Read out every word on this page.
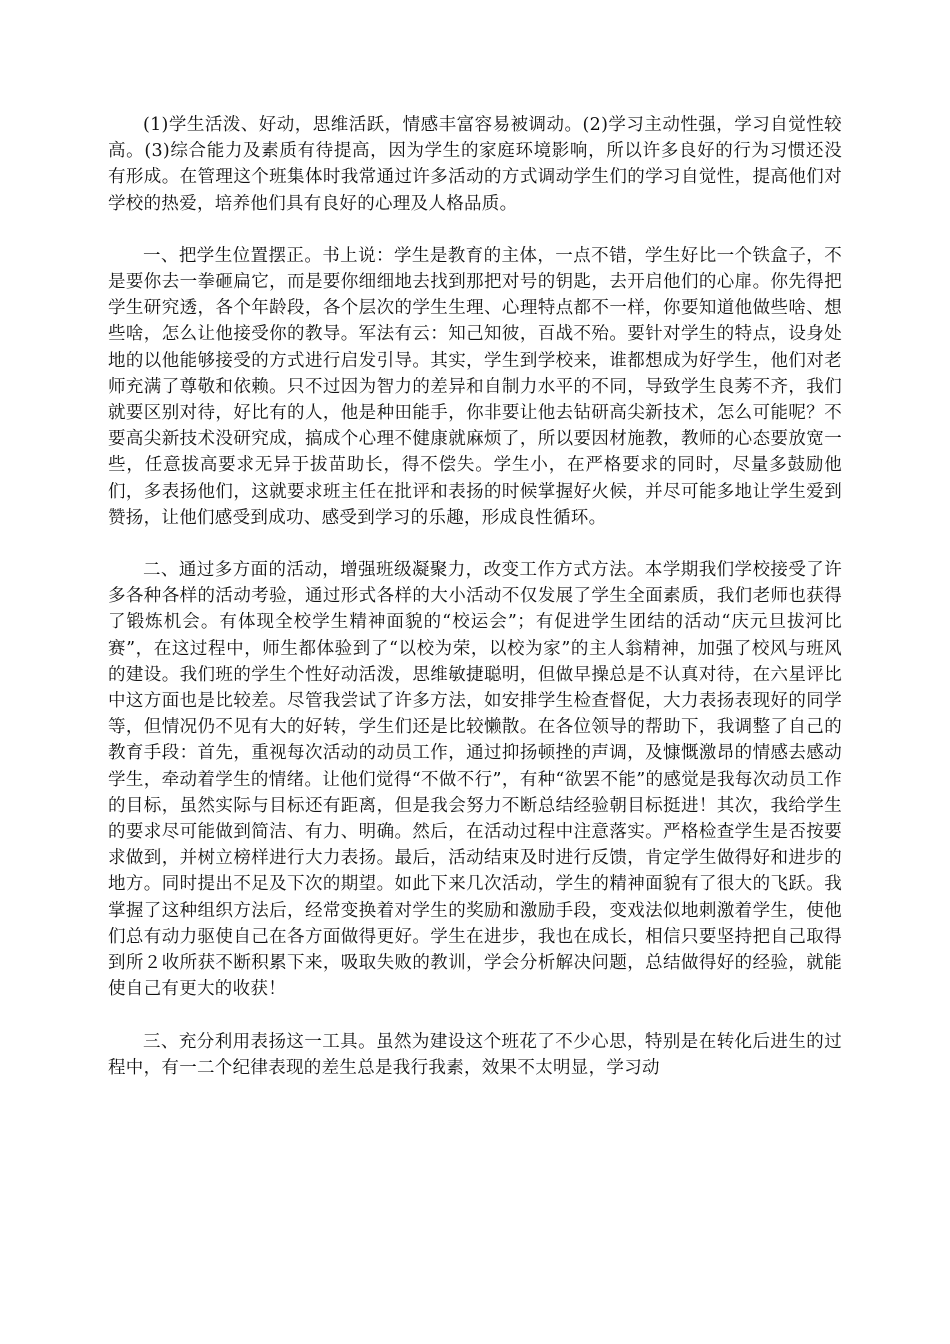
(1)学生活泼、好动，思维活跃，情感丰富容易被调动。(2)学习主动性强，学习自觉性较高。(3)综合能力及素质有待提高，因为学生的家庭环境影响，所以许多良好的行为习惯还没有形成。在管理这个班集体时我常通过许多活动的方式调动学生们的学习自觉性，提高他们对学校的热爱，培养他们具有良好的心理及人格品质。

一、把学生位置摆正。书上说：学生是教育的主体，一点不错，学生好比一个铁盒子，不是要你去一拳砸扁它，而是要你细细地去找到那把对号的钥匙，去开启他们的心扉。你先得把学生研究透，各个年龄段，各个层次的学生生理、心理特点都不一样，你要知道他做些啥、想些啥，怎么让他接受你的教导。军法有云：知己知彼，百战不殆。要针对学生的特点，设身处地的以他能够接受的方式进行启发引导。其实，学生到学校来，谁都想成为好学生，他们对老师充满了尊敬和依赖。只不过因为智力的差异和自制力水平的不同，导致学生良莠不齐，我们就要区别对待，好比有的人，他是种田能手，你非要让他去钻研高尖新技术，怎么可能呢？不要高尖新技术没研究成，搞成个心理不健康就麻烦了，所以要因材施教，教师的心态要放宽一些，任意拔高要求无异于拔苗助长，得不偿失。学生小，在严格要求的同时，尽量多鼓励他们，多表扬他们，这就要求班主任在批评和表扬的时候掌握好火候，并尽可能多地让学生爱到赞扬，让他们感受到成功、感受到学习的乐趣，形成良性循环。

二、通过多方面的活动，增强班级凝聚力，改变工作方式方法。本学期我们学校接受了许多各种各样的活动考验，通过形式各样的大小活动不仅发展了学生全面素质，我们老师也获得了锻炼机会。有体现全校学生精神面貌的“校运会”；有促进学生团结的活动“庆元旦拔河比赛”，在这过程中，师生都体验到了“以校为荣，以校为家”的主人翁精神，加强了校风与班风的建设。我们班的学生个性好动活泼，思维敏捷聪明，但做早操总是不认真对待，在六星评比中这方面也是比较差。尽管我尝试了许多方法，如安排学生检查督促，大力表扬表现好的同学等，但情况仍不见有大的好转，学生们还是比较懒散。在各位领导的帮助下，我调整了自己的教育手段：首先，重视每次活动的动员工作，通过抑扬顿挫的声调，及慷慨激昂的情感去感动学生，牵动着学生的情绪。让他们觉得“不做不行”，有种“欲罢不能”的感觉是我每次动员工作的目标，虽然实际与目标还有距离，但是我会努力不断总结经验朝目标挺进！其次，我给学生的要求尽可能做到简洁、有力、明确。然后，在活动过程中注意落实。严格检查学生是否按要求做到，并树立榜样进行大力表扬。最后，活动结束及时进行反馈，肯定学生做得好和进步的地方。同时提出不足及下次的期望。如此下来几次活动，学生的精神面貌有了很大的飞跃。我掌握了这种组织方法后，经常变换着对学生的奖励和激励手段，变戏法似地刺激着学生，使他们总有动力驱使自己在各方面做得更好。学生在进步，我也在成长，相信只要坚持把自己取得到所２收所获不断积累下来，吸取失败的教训，学会分析解决问题，总结做得好的经验，就能使自己有更大的收获！

三、充分利用表扬这一工具。虽然为建设这个班花了不少心思，特别是在转化后进生的过程中，有一二个纪律表现的差生总是我行我素，效果不太明显，学习动
